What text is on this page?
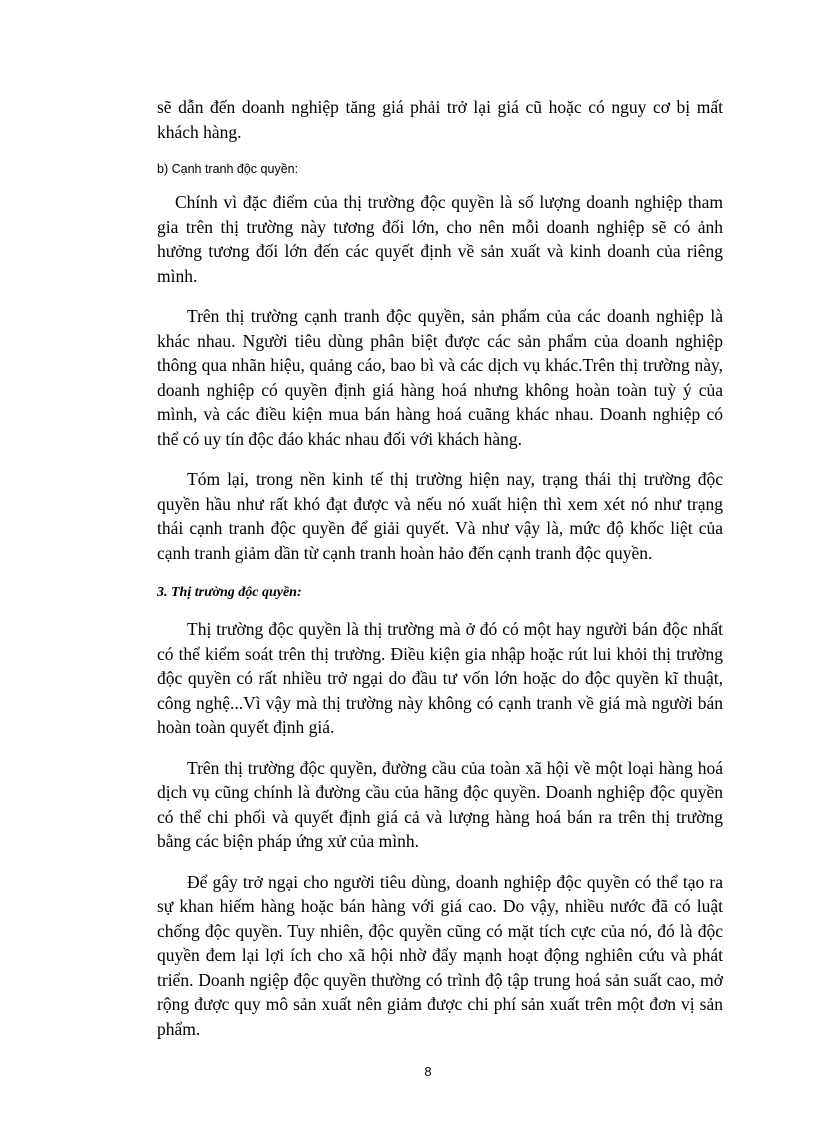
sẽ dẫn đến doanh nghiệp tăng giá phải trở lại giá cũ hoặc có nguy cơ bị mất khách hàng.

b) Cạnh tranh độc quyền:

Chính vì đặc điểm của thị trường độc quyền là số lượng doanh nghiệp tham gia trên thị trường này tương đối lớn, cho nên mỗi doanh nghiệp sẽ có ảnh hưởng tương đối lớn đến các quyết định về sản xuất và kinh doanh của riêng mình.

Trên thị trường cạnh tranh độc quyền, sản phẩm của các doanh nghiệp là khác nhau. Người tiêu dùng phân biệt được các sản phẩm của doanh nghiệp thông qua nhãn hiệu, quảng cáo, bao bì và các dịch vụ khác.Trên thị trường này, doanh nghiệp có quyền định giá hàng hoá nhưng không hoàn toàn tuỳ ý của mình, và các điều kiện mua bán hàng hoá cuãng khác nhau. Doanh nghiệp có thể có uy tín độc đáo khác nhau đối với khách hàng.

Tóm lại, trong nền kinh tế thị trường hiện nay, trạng thái thị trường độc quyền hầu như rất khó đạt được và nếu nó xuất hiện thì xem xét nó như trạng thái cạnh tranh độc quyền để giải quyết. Và như vậy là, mức độ khốc liệt của cạnh tranh giảm dần từ cạnh tranh hoàn hảo đến cạnh tranh độc quyền.

3. Thị trường độc quyền:

Thị trường độc quyền là thị trường mà ở đó có một hay người bán độc nhất có thể kiểm soát trên thị trường. Điều kiện gia nhập hoặc rút lui khỏi thị trường độc quyền có rất nhiều trở ngại do đầu tư vốn lớn hoặc do độc quyền kĩ thuật, công nghệ...Vì vậy mà thị trường này không có cạnh tranh về giá mà người bán hoàn toàn quyết định giá.

Trên thị trường độc quyền, đường cầu của toàn xã hội về một loại hàng hoá dịch vụ cũng chính là đường cầu của hãng độc quyền. Doanh nghiệp độc quyền có thể chi phối và quyết định giá cả và lượng hàng hoá bán ra trên thị trường bằng các biện pháp ứng xử của mình.

Để gây trở ngại cho người tiêu dùng, doanh nghiệp độc quyền có thể tạo ra sự khan hiếm hàng hoặc bán hàng với giá cao. Do vậy, nhiều nước đã có luật chống độc quyền. Tuy nhiên, độc quyền cũng có mặt tích cực của nó, đó là độc quyền đem lại lợi ích cho xã hội nhờ đẩy mạnh hoạt động nghiên cứu và phát triển. Doanh ngiệp độc quyền thường có trình độ tập trung hoá sản suất cao, mở rộng được quy mô sản xuất nên giảm được chi phí sản xuất trên một đơn vị sản phẩm.

8
